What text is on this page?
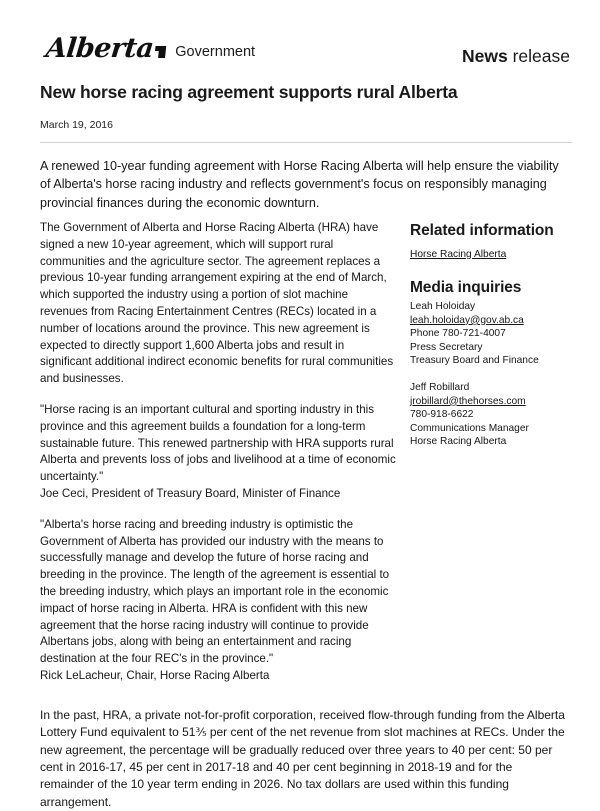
Alberta	Government	News release
New horse racing agreement supports rural Alberta
March 19, 2016

A renewed 10-year funding agreement with Horse Racing Alberta will help ensure the viability of Alberta's horse racing industry and reflects government's focus on responsibly managing provincial finances during the economic downturn.

The Government of Alberta and Horse Racing Alberta (HRA) have signed a new 10-year agreement, which will support rural communities and the agriculture sector. The agreement replaces a previous 10-year funding arrangement expiring at the end of March, which supported the industry using a portion of slot machine revenues from Racing Entertainment Centres (RECs) located in a number of locations around the province. This new agreement is expected to directly support 1,600 Alberta jobs and result in significant additional indirect economic benefits for rural communities and businesses.

"Horse racing is an important cultural and sporting industry in this province and this agreement builds a foundation for a long-term sustainable future. This renewed partnership with HRA supports rural Alberta and prevents loss of jobs and livelihood at a time of economic uncertainty."

Joe Ceci, President of Treasury Board, Minister of Finance

"Alberta's horse racing and breeding industry is optimistic the Government of Alberta has provided our industry with the means to successfully manage and develop the future of horse racing and breeding in the province. The length of the agreement is essential to the breeding industry, which plays an important role in the economic impact of horse racing in Alberta. HRA is confident with this new agreement that the horse racing industry will continue to provide Albertans jobs, along with being an entertainment and racing destination at the four REC's in the province."

Rick LeLacheur, Chair, Horse Racing Alberta

Related information
Horse Racing Alberta
Media inquiries
Leah Holoiday
leah.holoiday@gov.ab.ca
Phone 780-721-4007
Press Secretary
Treasury Board and Finance
Jeff Robillard
jrobillard@thehorses.com
780-918-6622
Communications Manager
Horse Racing Alberta

In the past, HRA, a private not-for-profit corporation, received flow-through funding from the Alberta Lottery Fund equivalent to 51⅗ per cent of the net revenue from slot machines at RECs. Under the new agreement, the percentage will be gradually reduced over three years to 40 per cent: 50 per cent in 2016-17, 45 per cent in 2017-18 and 40 per cent beginning in 2018-19 and for the remainder of the 10 year term ending in 2026. No tax dollars are used within this funding arrangement.
